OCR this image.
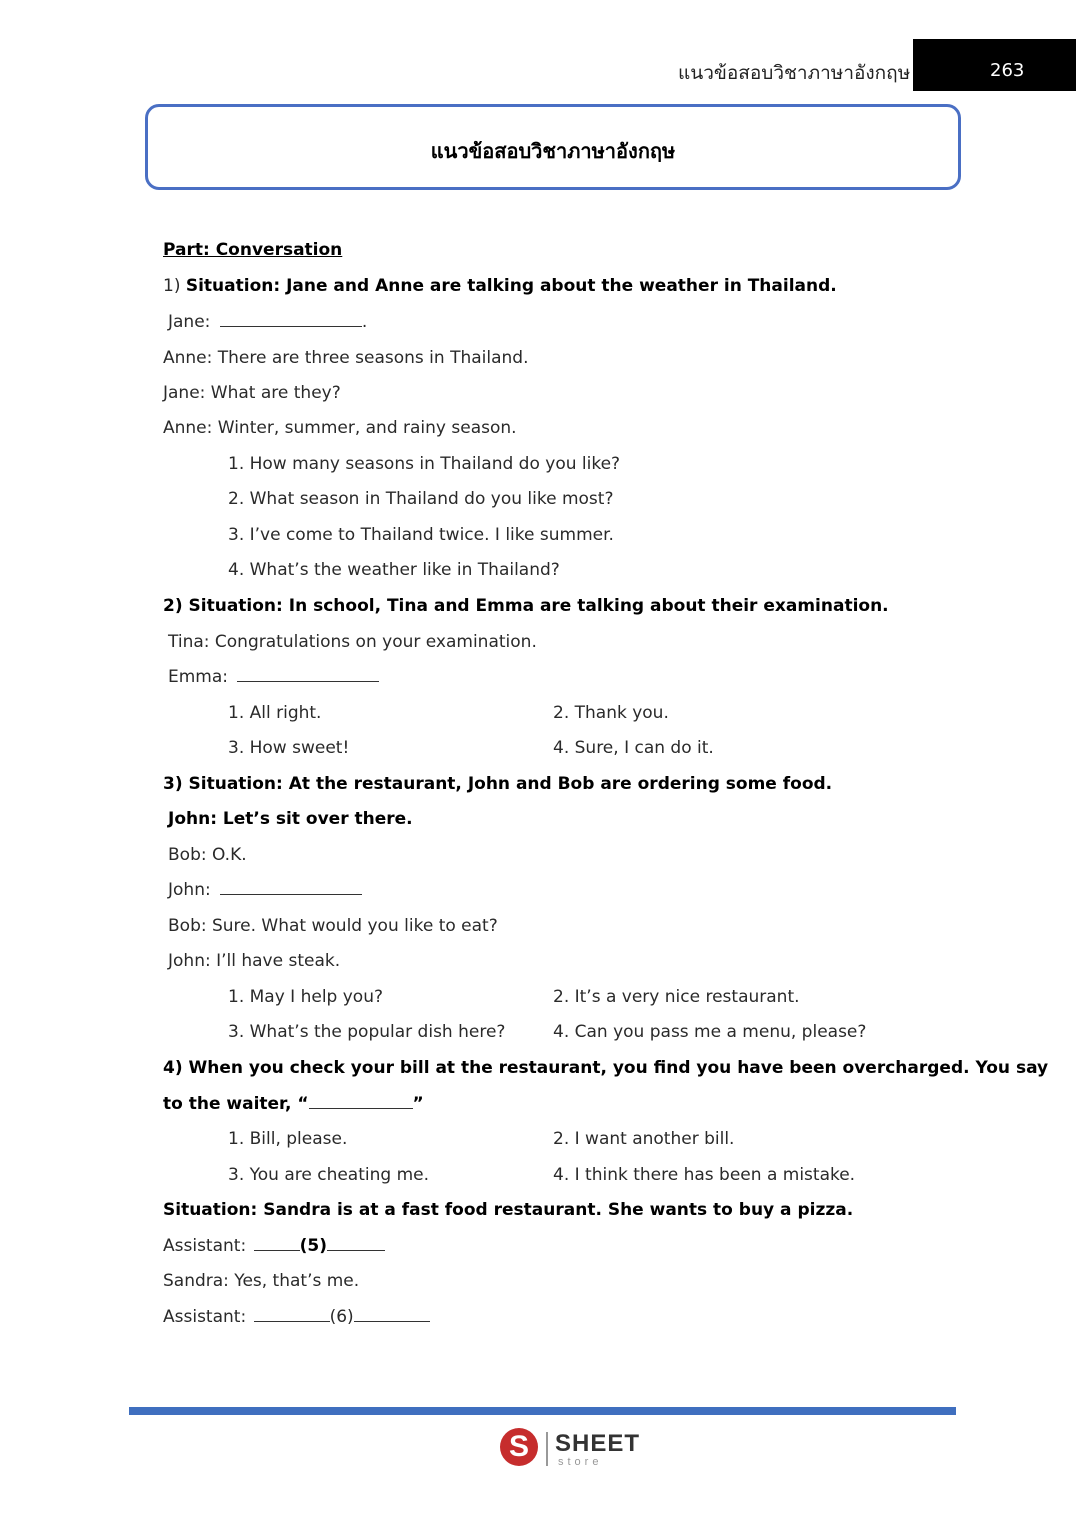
แนวข้อสอบวิชาภาษาอังกฤษ	263
แนวข้อสอบวิชาภาษาอังกฤษ
Part: Conversation
1) Situation: Jane and Anne are talking about the weather in Thailand.
Jane:	.
Anne: There are three seasons in Thailand.
Jane: What are they?
Anne: Winter, summer, and rainy season.
1. How many seasons in Thailand do you like?
2. What season in Thailand do you like most?
3. I’ve come to Thailand twice. I like summer.
4. What’s the weather like in Thailand?
2) Situation: In school, Tina and Emma are talking about their examination.
Tina: Congratulations on your examination.
Emma:
1. All right.	2. Thank you.
3. How sweet!	4. Sure, I can do it.
3) Situation: At the restaurant, John and Bob are ordering some food.
John: Let’s sit over there.
Bob: O.K.
John:
Bob: Sure. What would you like to eat?
John: I’ll have steak.
1. May I help you?	2. It’s a very nice restaurant.
3. What’s the popular dish here?	4. Can you pass me a menu, please?
4) When you check your bill at the restaurant, you find you have been overcharged. You say
to the waiter, “	”
1. Bill, please.	2. I want another bill.
3. You are cheating me.	4. I think there has been a mistake.
Situation: Sandra is at a fast food restaurant. She wants to buy a pizza.
Assistant:	(5)
Sandra: Yes, that’s me.
Assistant:	(6)
S	SHEET
store
